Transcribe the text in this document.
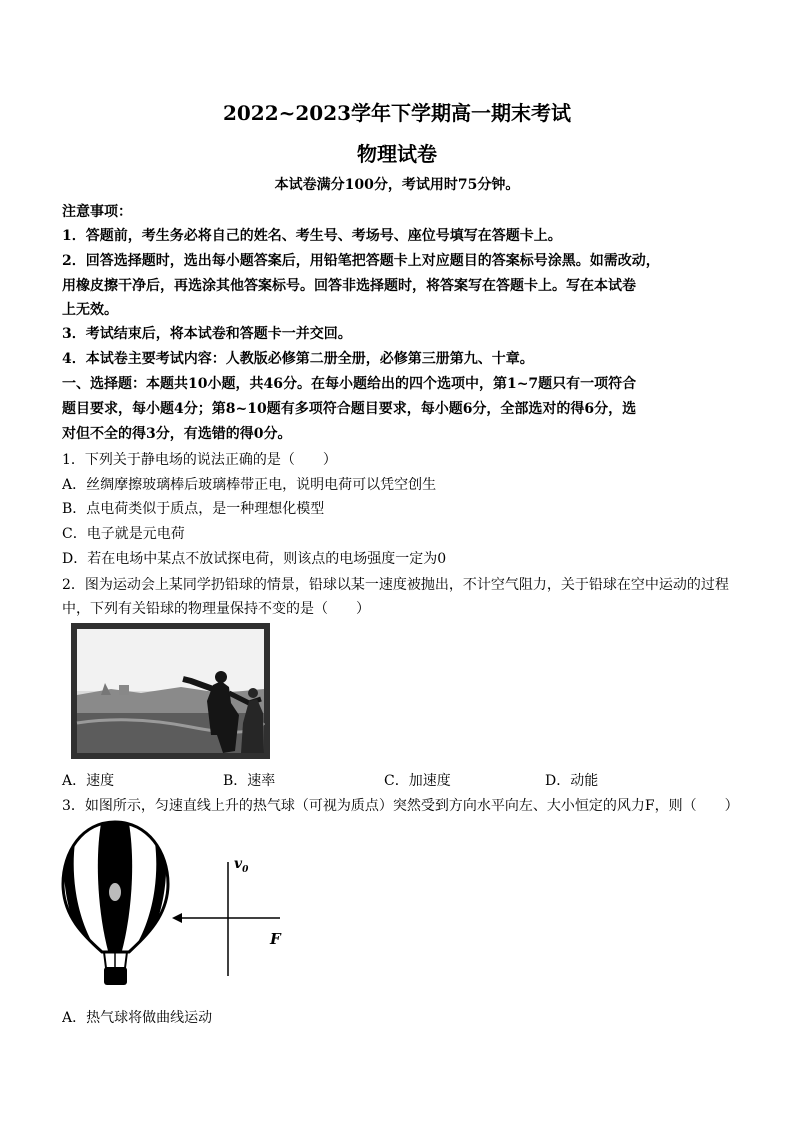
2022~2023学年下学期高一期末考试
物理试卷
本试卷满分100分，考试用时75分钟。
注意事项：
1．答题前，考生务必将自己的姓名、考生号、考场号、座位号填写在答题卡上。
2．回答选择题时，选出每小题答案后，用铅笔把答题卡上对应题目的答案标号涂黑。如需改动，
用橡皮擦干净后，再选涂其他答案标号。回答非选择题时，将答案写在答题卡上。写在本试卷
上无效。
3．考试结束后，将本试卷和答题卡一并交回。
4．本试卷主要考试内容：人教版必修第二册全册，必修第三册第九、十章。
一、选择题：本题共10小题，共46分。在每小题给出的四个选项中，第1~7题只有一项符合
题目要求，每小题4分；第8~10题有多项符合题目要求，每小题6分，全部选对的得6分，选
对但不全的得3分，有选错的得0分。
1．下列关于静电场的说法正确的是（　　）
A．丝绸摩擦玻璃棒后玻璃棒带正电，说明电荷可以凭空创生
B．点电荷类似于质点，是一种理想化模型
C．电子就是元电荷
D．若在电场中某点不放试探电荷，则该点的电场强度一定为0
2．图为运动会上某同学扔铅球的情景，铅球以某一速度被抛出，不计空气阻力，关于铅球在空中运动的过程
中，下列有关铅球的物理量保持不变的是（　　）
A．速度	B．速率	C．加速度	D．动能
3．如图所示，匀速直线上升的热气球（可视为质点）突然受到方向水平向左、大小恒定的风力F，则（　　）
$v_0$
F
A．热气球将做曲线运动
